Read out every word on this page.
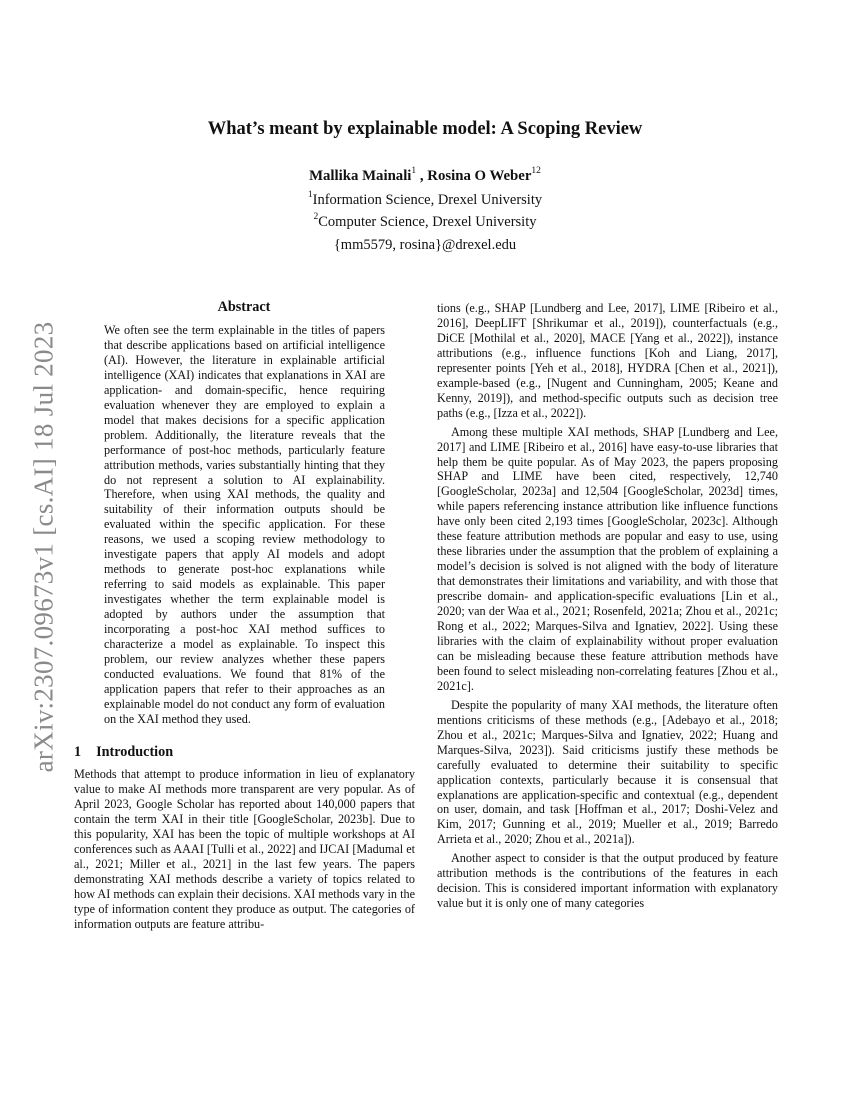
arXiv:2307.09673v1 [cs.AI] 18 Jul 2023
What’s meant by explainable model: A Scoping Review
Mallika Mainali$^1$ , Rosina O Weber$^{12}$
$^1$Information Science, Drexel University
$^2$Computer Science, Drexel University
{mm5579, rosina}@drexel.edu
Abstract

We often see the term explainable in the titles of papers that describe applications based on artificial intelligence (AI). However, the literature in explainable artificial intelligence (XAI) indicates that explanations in XAI are application- and domain-specific, hence requiring evaluation whenever they are employed to explain a model that makes decisions for a specific application problem. Additionally, the literature reveals that the performance of post-hoc methods, particularly feature attribution methods, varies substantially hinting that they do not represent a solution to AI explainability. Therefore, when using XAI methods, the quality and suitability of their information outputs should be evaluated within the specific application. For these reasons, we used a scoping review methodology to investigate papers that apply AI models and adopt methods to generate post-hoc explanations while referring to said models as explainable. This paper investigates whether the term explainable model is adopted by authors under the assumption that incorporating a post-hoc XAI method suffices to characterize a model as explainable. To inspect this problem, our review analyzes whether these papers conducted evaluations. We found that 81% of the application papers that refer to their approaches as an explainable model do not conduct any form of evaluation on the XAI method they used.

1 Introduction

Methods that attempt to produce information in lieu of explanatory value to make AI methods more transparent are very popular. As of April 2023, Google Scholar has reported about 140,000 papers that contain the term XAI in their title [GoogleScholar, 2023b]. Due to this popularity, XAI has been the topic of multiple workshops at AI conferences such as AAAI [Tulli et al., 2022] and IJCAI [Madumal et al., 2021; Miller et al., 2021] in the last few years. The papers demonstrating XAI methods describe a variety of topics related to how AI methods can explain their decisions. XAI methods vary in the type of information content they produce as output. The categories of information outputs are feature attribu-

tions (e.g., SHAP [Lundberg and Lee, 2017], LIME [Ribeiro et al., 2016], DeepLIFT [Shrikumar et al., 2019]), counterfactuals (e.g., DiCE [Mothilal et al., 2020], MACE [Yang et al., 2022]), instance attributions (e.g., influence functions [Koh and Liang, 2017], representer points [Yeh et al., 2018], HYDRA [Chen et al., 2021]), example-based (e.g., [Nugent and Cunningham, 2005; Keane and Kenny, 2019]), and method-specific outputs such as decision tree paths (e.g., [Izza et al., 2022]).

Among these multiple XAI methods, SHAP [Lundberg and Lee, 2017] and LIME [Ribeiro et al., 2016] have easy-to-use libraries that help them be quite popular. As of May 2023, the papers proposing SHAP and LIME have been cited, respectively, 12,740 [GoogleScholar, 2023a] and 12,504 [GoogleScholar, 2023d] times, while papers referencing instance attribution like influence functions have only been cited 2,193 times [GoogleScholar, 2023c]. Although these feature attribution methods are popular and easy to use, using these libraries under the assumption that the problem of explaining a model’s decision is solved is not aligned with the body of literature that demonstrates their limitations and variability, and with those that prescribe domain- and application-specific evaluations [Lin et al., 2020; van der Waa et al., 2021; Rosenfeld, 2021a; Zhou et al., 2021c; Rong et al., 2022; Marques-Silva and Ignatiev, 2022]. Using these libraries with the claim of explainability without proper evaluation can be misleading because these feature attribution methods have been found to select misleading non-correlating features [Zhou et al., 2021c].

Despite the popularity of many XAI methods, the literature often mentions criticisms of these methods (e.g., [Adebayo et al., 2018; Zhou et al., 2021c; Marques-Silva and Ignatiev, 2022; Huang and Marques-Silva, 2023]). Said criticisms justify these methods be carefully evaluated to determine their suitability to specific application contexts, particularly because it is consensual that explanations are application-specific and contextual (e.g., dependent on user, domain, and task [Hoffman et al., 2017; Doshi-Velez and Kim, 2017; Gunning et al., 2019; Mueller et al., 2019; Barredo Arrieta et al., 2020; Zhou et al., 2021a]).

Another aspect to consider is that the output produced by feature attribution methods is the contributions of the features in each decision. This is considered important information with explanatory value but it is only one of many categories
